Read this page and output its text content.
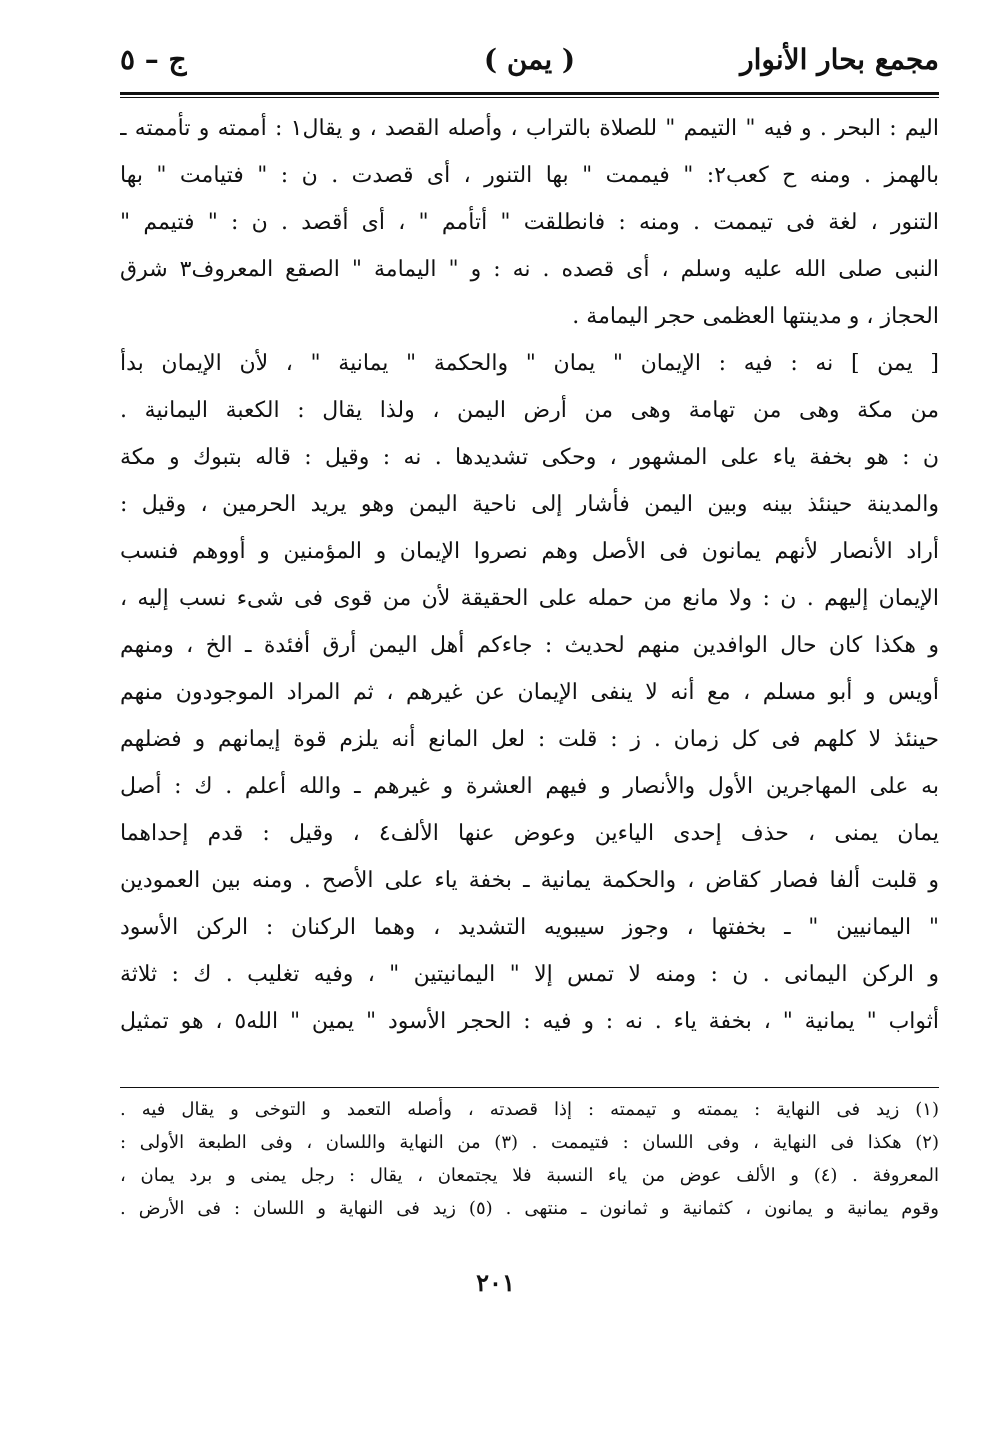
مجمع بحار الأنوار
( يمن )
ج – ٥
اليم : البحر . و فيه " التيمم " للصلاة بالتراب ، وأصله القصد ، و يقال١ : أممته و تأممته ـ
بالهمز . ومنه ح كعب٢: " فيممت " بها التنور ، أى قصدت . ن : " فتيامت " بها
التنور ، لغة فى تيممت . ومنه : فانطلقت " أتأمم " ، أى أقصد . ن : " فتيمم "
النبى صلى الله عليه وسلم ، أى قصده . نه : و " اليمامة " الصقع المعروف٣ شرق
الحجاز ، و مدينتها العظمى حجر اليمامة .
[ يمن ] نه : فيه : الإيمان " يمان " والحكمة " يمانية " ، لأن الإيمان بدأ
من مكة وهى من تهامة وهى من أرض اليمن ، ولذا يقال : الكعبة اليمانية .
ن : هو بخفة ياء على المشهور ، وحكى تشديدها . نه : وقيل : قاله بتبوك و مكة
والمدينة حينئذ بينه وبين اليمن فأشار إلى ناحية اليمن وهو يريد الحرمين ، وقيل :
أراد الأنصار لأنهم يمانون فى الأصل وهم نصروا الإيمان و المؤمنين و أووهم فنسب
الإيمان إليهم . ن : ولا مانع من حمله على الحقيقة لأن من قوى فى شىء نسب إليه ،
و هكذا كان حال الوافدين منهم لحديث : جاءكم أهل اليمن أرق أفئدة ـ الخ ، ومنهم
أويس و أبو مسلم ، مع أنه لا ينفى الإيمان عن غيرهم ، ثم المراد الموجودون منهم
حينئذ لا كلهم فى كل زمان . ز : قلت : لعل المانع أنه يلزم قوة إيمانهم و فضلهم
به على المهاجرين الأول والأنصار و فيهم العشرة و غيرهم ـ والله أعلم . ك : أصل
يمان يمنى ، حذف إحدى الياءين وعوض عنها الألف٤ ، وقيل : قدم إحداهما
و قلبت ألفا فصار كقاض ، والحكمة يمانية ـ بخفة ياء على الأصح . ومنه بين العمودين
" اليمانيين " ـ بخفتها ، وجوز سيبويه التشديد ، وهما الركنان : الركن الأسود
و الركن اليمانى . ن : ومنه لا تمس إلا " اليمانيتين " ، وفيه تغليب . ك : ثلاثة
أثواب " يمانية " ، بخفة ياء . نه : و فيه : الحجر الأسود " يمين " الله٥ ، هو تمثيل
(١) زيد فى النهاية : يممته و تيممته : إذا قصدته ، وأصله التعمد و التوخى و يقال فيه .
(٢) هكذا فى النهاية ، وفى اللسان : فتيممت . (٣) من النهاية واللسان ، وفى الطبعة الأولى :
المعروفة . (٤) و الألف عوض من ياء النسبة فلا يجتمعان ، يقال : رجل يمنى و برد يمان ،
وقوم يمانية و يمانون ، كثمانية و ثمانون ـ منتهى . (٥) زيد فى النهاية و اللسان : فى الأرض .
٢٠١
